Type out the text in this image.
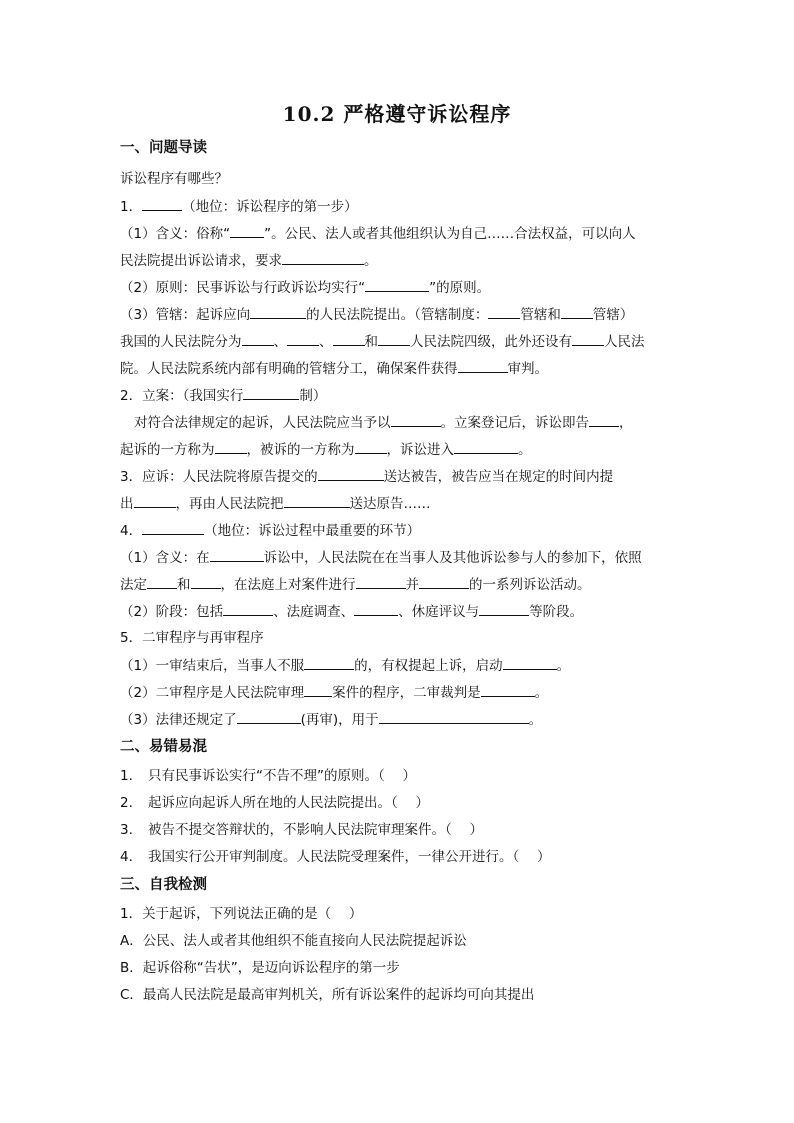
10.2 严格遵守诉讼程序
一、问题导读
诉讼程序有哪些？
1．	（地位：诉讼程序的第一步）
（1）含义：俗称“	”。公民、法人或者其他组织认为自己……合法权益，可以向人
民法院提出诉讼请求，要求	。
（2）原则：民事诉讼与行政诉讼均实行“	”的原则。
（3）管辖：起诉应向	的人民法院提出。（管辖制度： 管辖和 管辖）
我国的人民法院分为 、 、 和 人民法院四级，此外还设有 人民法
院。人民法院系统内部有明确的管辖分工，确保案件获得	审判。
2．立案：（我国实行	制）
对符合法律规定的起诉，人民法院应当予以	。立案登记后，诉讼即告 ，
起诉的一方称为 ，被诉的一方称为 ，诉讼进入	。
3．应诉：人民法院将原告提交的	送达被告，被告应当在规定的时间内提
出	，再由人民法院把	送达原告……
4．	（地位：诉讼过程中最重要的环节）
（1）含义：在	诉讼中，人民法院在在当事人及其他诉讼参与人的参加下，依照
法定 和 ，在法庭上对案件进行	并	的一系列诉讼活动。
（2）阶段：包括	、法庭调查、	、休庭评议与	等阶段。
5．二审程序与再审程序
（1）一审结束后，当事人不服	的，有权提起上诉，启动	。
（2）二审程序是人民法院审理 案件的程序，二审裁判是	。
（3）法律还规定了	(再审)，用于	。
二、易错易混
1. 只有民事诉讼实行“不告不理”的原则。（　 ）
2. 起诉应向起诉人所在地的人民法院提出。（　 ）
3. 被告不提交答辩状的，不影响人民法院审理案件。（　 ）
4. 我国实行公开审判制度。人民法院受理案件，一律公开进行。（　 ）
三、自我检测
1．关于起诉，下列说法正确的是（　 ）
A．公民、法人或者其他组织不能直接向人民法院提起诉讼
B．起诉俗称“告状”，是迈向诉讼程序的第一步
C．最高人民法院是最高审判机关，所有诉讼案件的起诉均可向其提出
